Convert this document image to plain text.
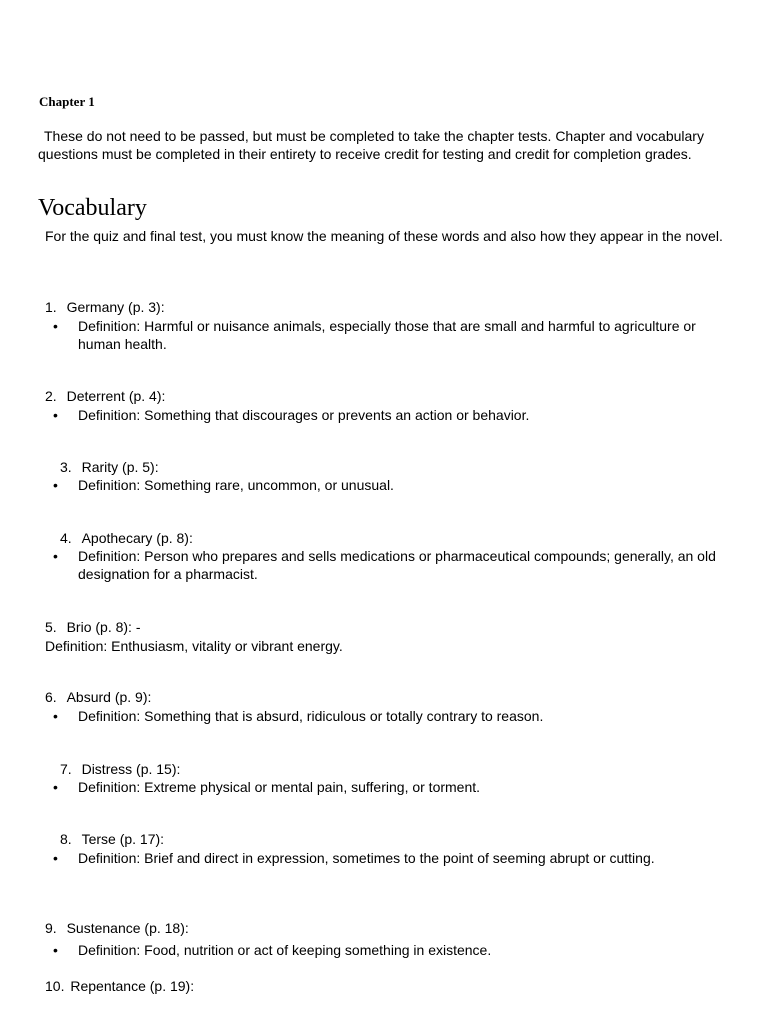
Chapter 1
These do not need to be passed, but must be completed to take the chapter tests. Chapter and vocabulary questions must be completed in their entirety to receive credit for testing and credit for completion grades.
Vocabulary
For the quiz and final test, you must know the meaning of these words and also how they appear in the novel.
1. Germany (p. 3):
•	Definition: Harmful or nuisance animals, especially those that are small and harmful to agriculture or human health.
2. Deterrent (p. 4):
•	Definition: Something that discourages or prevents an action or behavior.
3. Rarity (p. 5):
•	Definition: Something rare, uncommon, or unusual.
4. Apothecary (p. 8):
•	Definition: Person who prepares and sells medications or pharmaceutical compounds; generally, an old designation for a pharmacist.
5. Brio (p. 8): -
Definition: Enthusiasm, vitality or vibrant energy.
6. Absurd (p. 9):
•	Definition: Something that is absurd, ridiculous or totally contrary to reason.
7. Distress (p. 15):
•	Definition: Extreme physical or mental pain, suffering, or torment.
8. Terse (p. 17):
•	Definition: Brief and direct in expression, sometimes to the point of seeming abrupt or cutting.
9. Sustenance (p. 18):
•	Definition: Food, nutrition or act of keeping something in existence.
10. Repentance (p. 19):
